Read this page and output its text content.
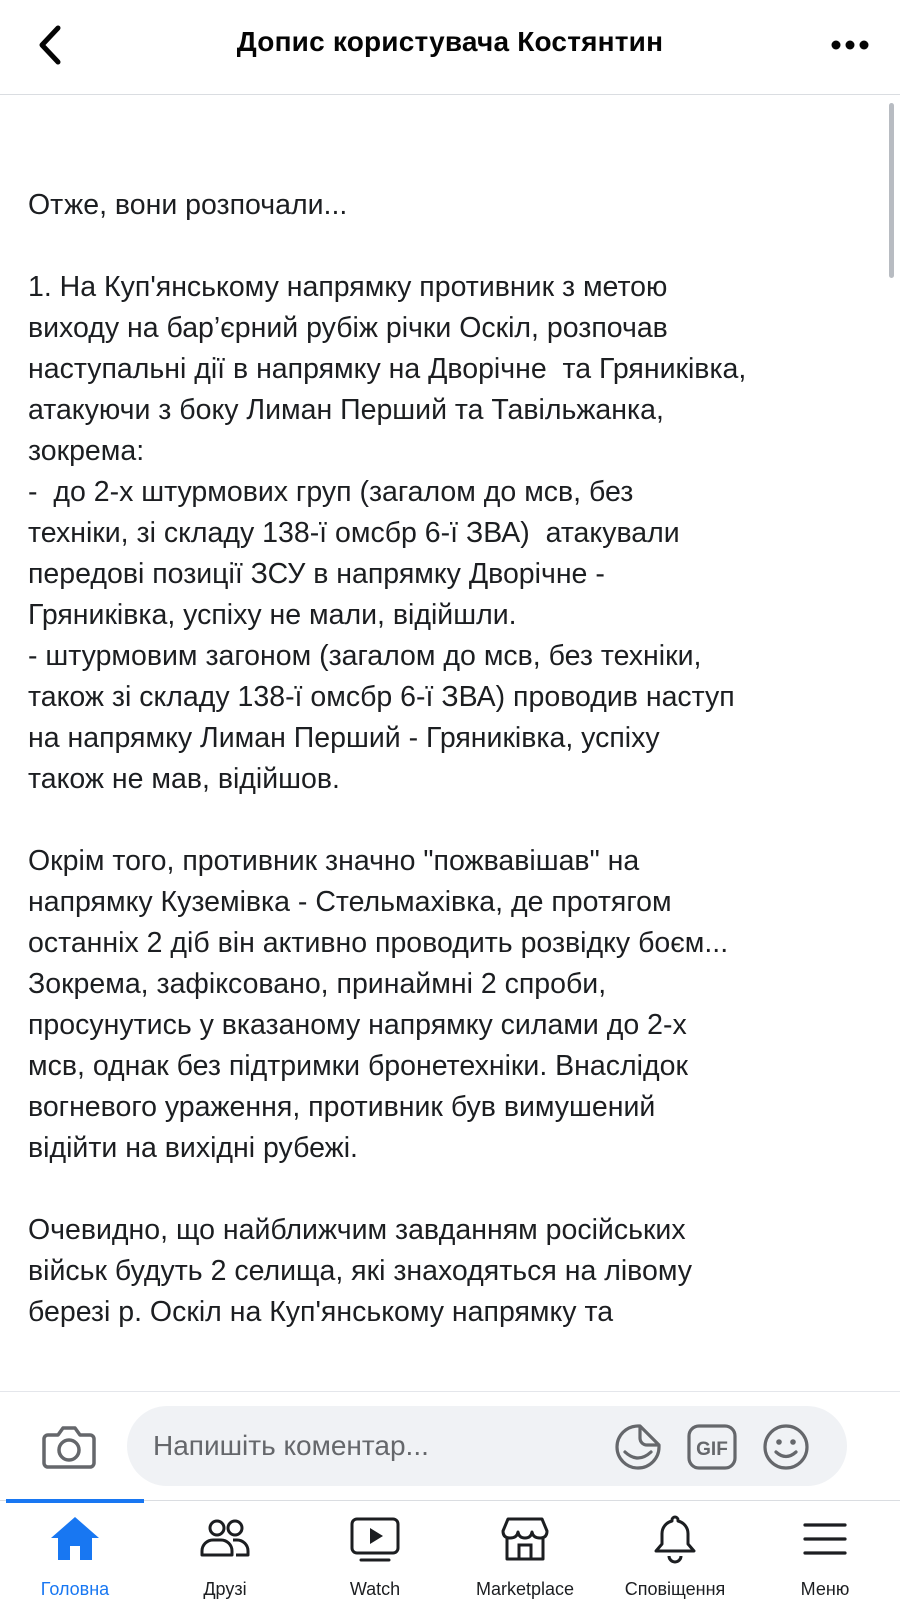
Допис користувача Костянтин
Отже, вони розпочали...

1. На Куп'янському напрямку противник з метою
виходу на бар’єрний рубіж річки Оскіл, розпочав
наступальні дії в напрямку на Дворічне  та Гряниківка,
атакуючи з боку Лиман Перший та Тавільжанка,
зокрема:
-  до 2-х штурмових груп (загалом до мсв, без
техніки, зі складу 138-ї омсбр 6-ї ЗВА)  атакували
передові позиції ЗСУ в напрямку Дворічне -
Гряниківка, успіху не мали, відійшли.
- штурмовим загоном (загалом до мсв, без техніки,
також зі складу 138-ї омсбр 6-ї ЗВА) проводив наступ
на напрямку Лиман Перший - Гряниківка, успіху
також не мав, відійшов.

Окрім того, противник значно "пожвавішав" на
напрямку Куземівка - Стельмахівка, де протягом
останніх 2 діб він активно проводить розвідку боєм...
Зокрема, зафіксовано, принаймні 2 спроби,
просунутись у вказаному напрямку силами до 2-х
мсв, однак без підтримки бронетехніки. Внаслідок
вогневого ураження, противник був вимушений
відійти на вихідні рубежі.

Очевидно, що найближчим завданням російських
військ будуть 2 селища, які знаходяться на лівому
березі р. Оскіл на Куп'янському напрямку та
Напишіть коментар...
GIF
Головна	Друзі	Watch	Marketplace	Сповіщення	Меню
